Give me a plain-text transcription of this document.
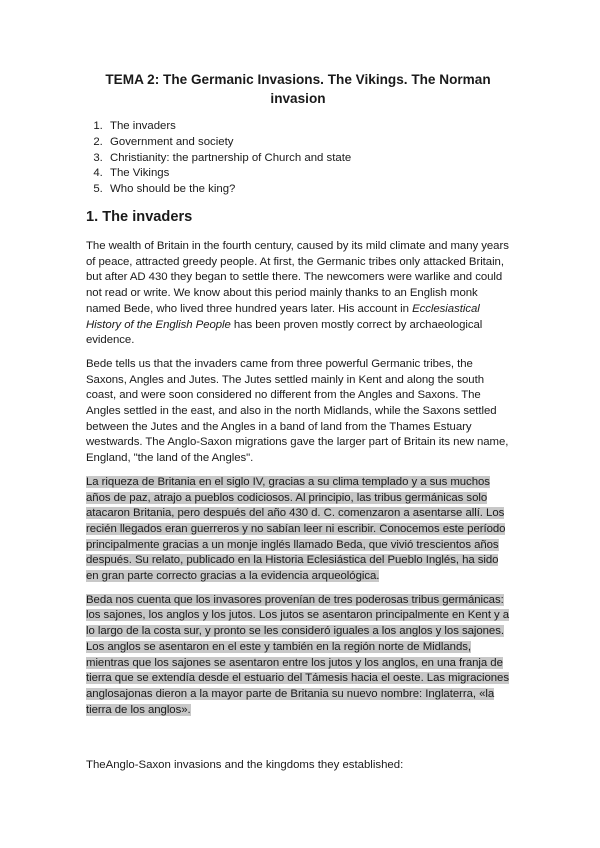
TEMA 2: The Germanic Invasions. The Vikings. The Norman invasion
1. The invaders
2. Government and society
3. Christianity: the partnership of Church and state
4. The Vikings
5. Who should be the king?
1. The invaders

The wealth of Britain in the fourth century, caused by its mild climate and many years of peace, attracted greedy people. At first, the Germanic tribes only attacked Britain, but after AD 430 they began to settle there. The newcomers were warlike and could not read or write. We know about this period mainly thanks to an English monk named Bede, who lived three hundred years later. His account in Ecclesiastical History of the English People has been proven mostly correct by archaeological evidence.

Bede tells us that the invaders came from three powerful Germanic tribes, the Saxons, Angles and Jutes. The Jutes settled mainly in Kent and along the south coast, and were soon considered no different from the Angles and Saxons. The Angles settled in the east, and also in the north Midlands, while the Saxons settled between the Jutes and the Angles in a band of land from the Thames Estuary westwards. The Anglo-Saxon migrations gave the larger part of Britain its new name, England, "the land of the Angles".

La riqueza de Britania en el siglo IV, gracias a su clima templado y a sus muchos años de paz, atrajo a pueblos codiciosos. Al principio, las tribus germánicas solo atacaron Britania, pero después del año 430 d. C. comenzaron a asentarse allí. Los recién llegados eran guerreros y no sabían leer ni escribir. Conocemos este período principalmente gracias a un monje inglés llamado Beda, que vivió trescientos años después. Su relato, publicado en la Historia Eclesiástica del Pueblo Inglés, ha sido en gran parte correcto gracias a la evidencia arqueológica.

Beda nos cuenta que los invasores provenían de tres poderosas tribus germánicas: los sajones, los anglos y los jutos. Los jutos se asentaron principalmente en Kent y a lo largo de la costa sur, y pronto se les consideró iguales a los anglos y los sajones. Los anglos se asentaron en el este y también en la región norte de Midlands, mientras que los sajones se asentaron entre los jutos y los anglos, en una franja de tierra que se extendía desde el estuario del Támesis hacia el oeste. Las migraciones anglosajonas dieron a la mayor parte de Britania su nuevo nombre: Inglaterra, «la tierra de los anglos».

TheAnglo-Saxon invasions and the kingdoms they established:
